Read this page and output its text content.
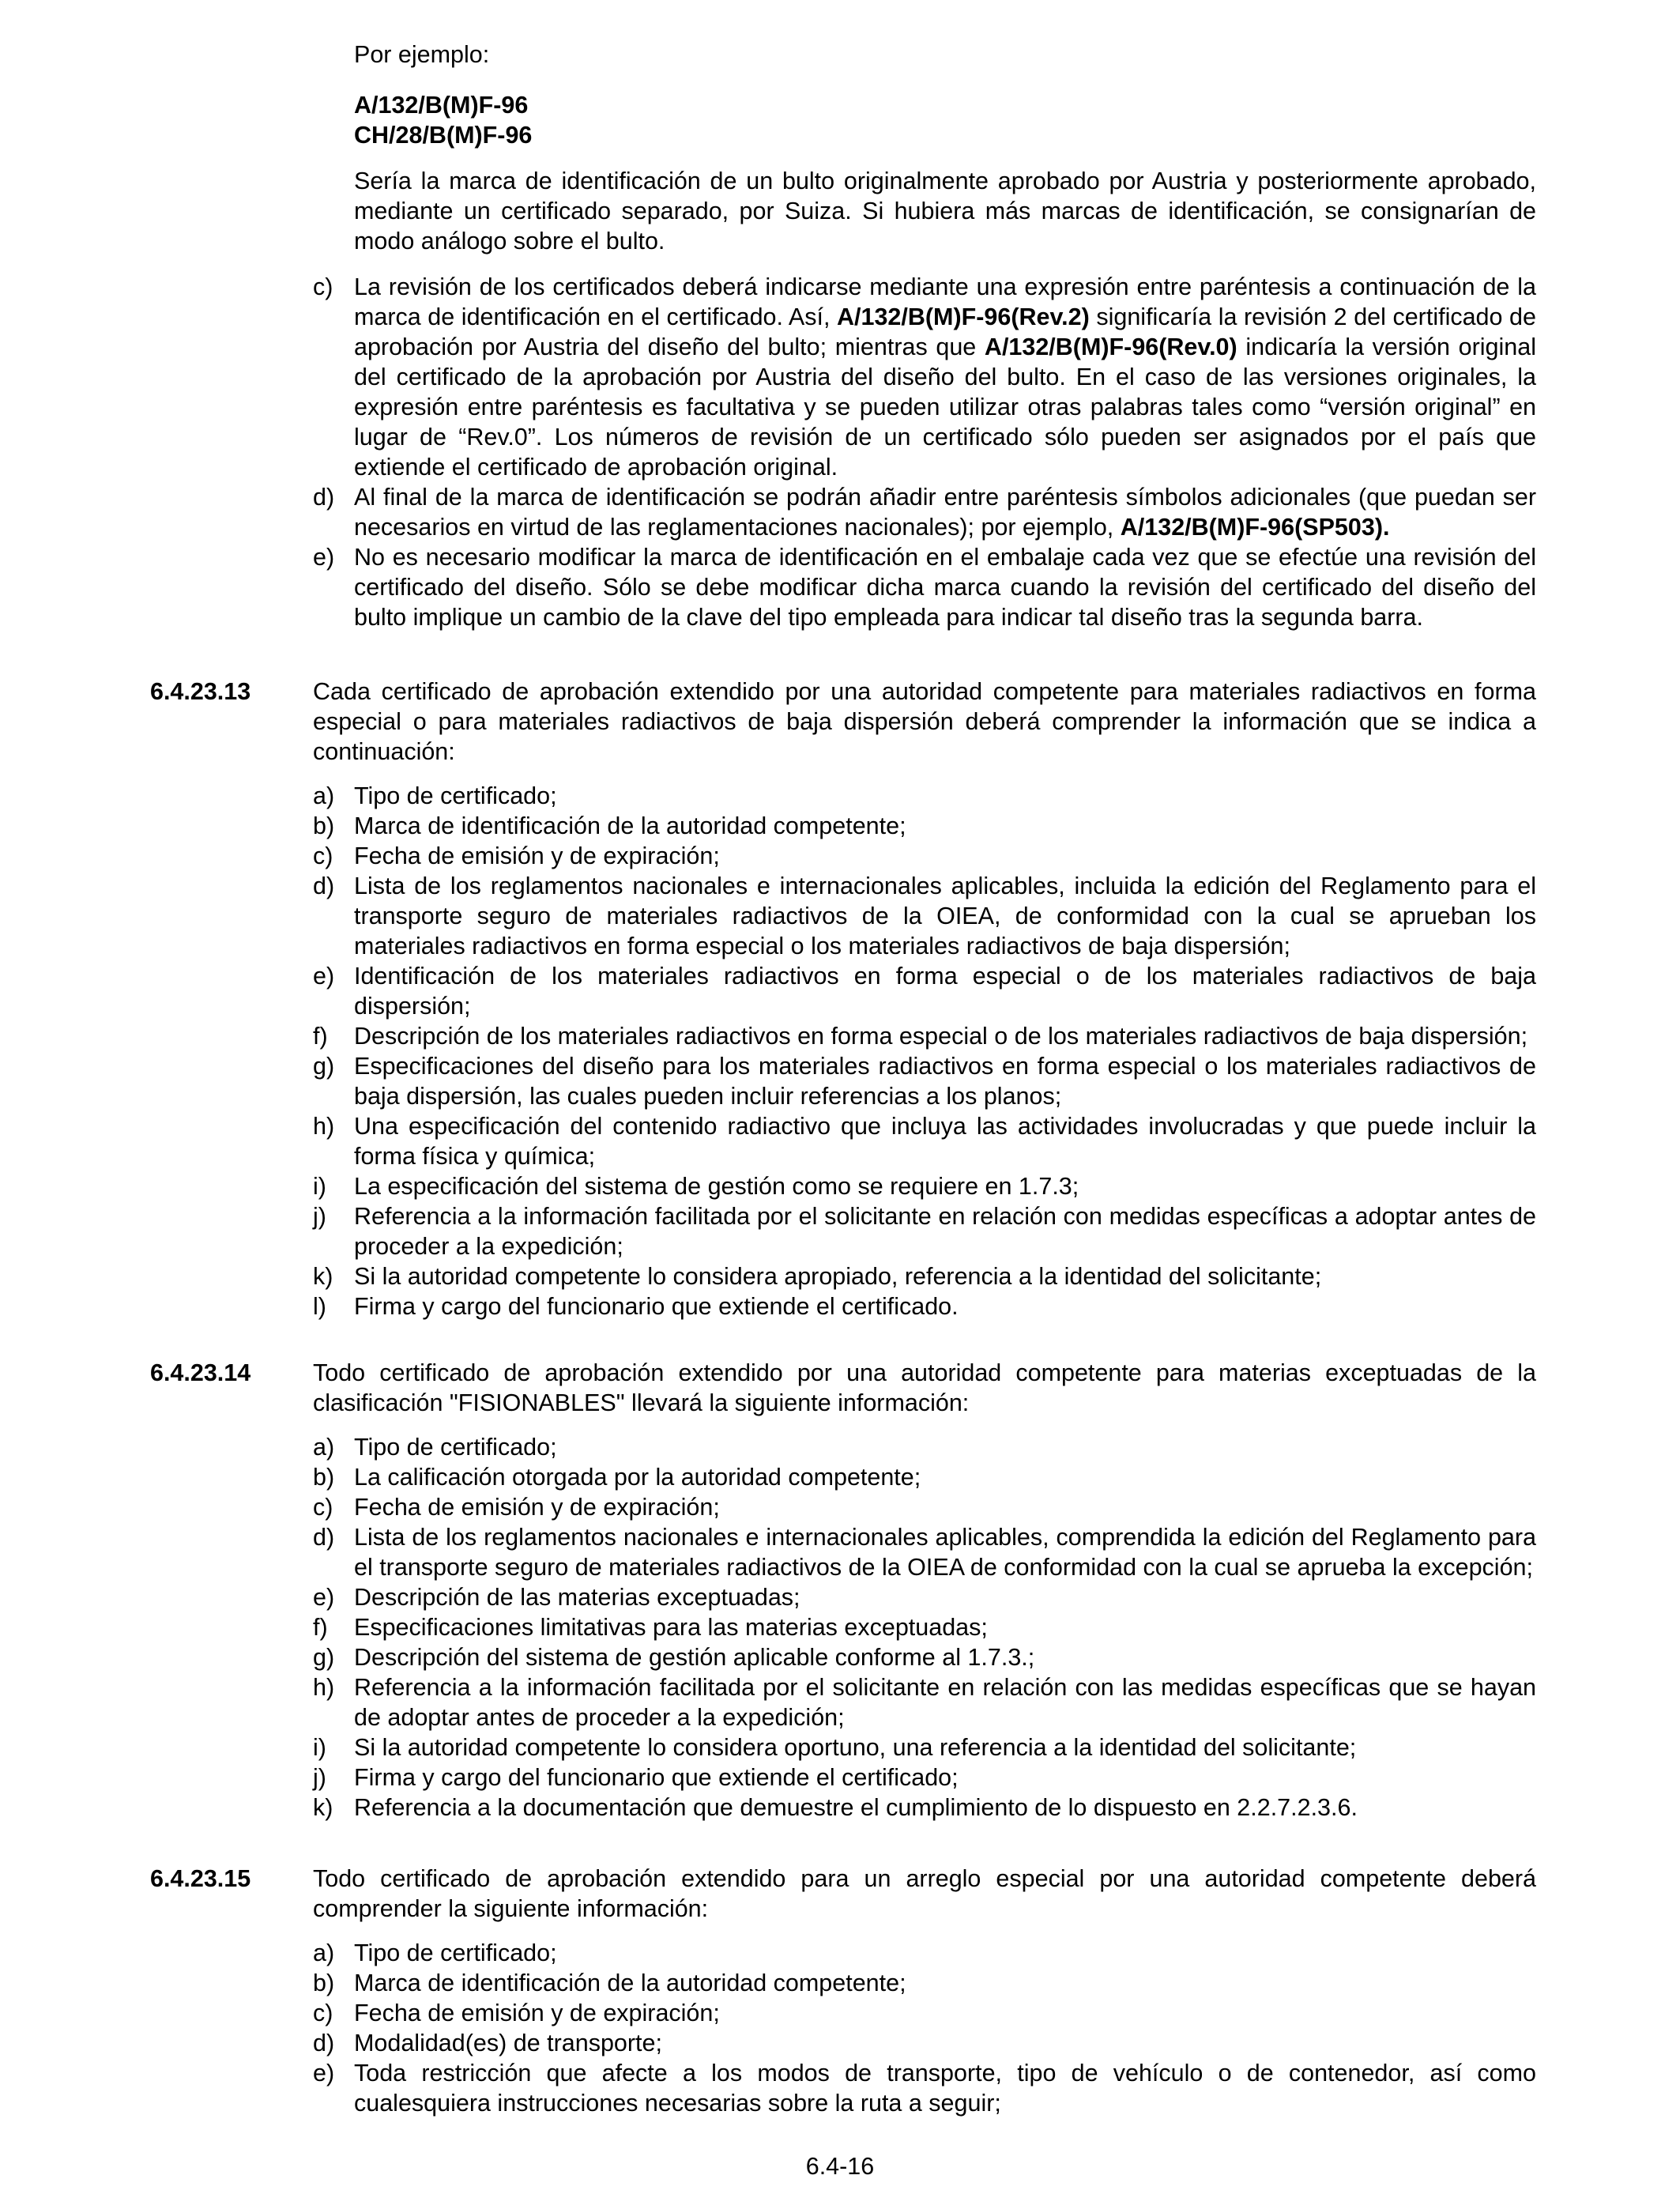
Por ejemplo:
A/132/B(M)F-96
CH/28/B(M)F-96
Sería la marca de identificación de un bulto originalmente aprobado por Austria y posteriormente aprobado, mediante un certificado separado, por Suiza. Si hubiera más marcas de identificación, se consignarían de modo análogo sobre el bulto.
c) La revisión de los certificados deberá indicarse mediante una expresión entre paréntesis a continuación de la marca de identificación en el certificado. Así, A/132/B(M)F-96(Rev.2) significaría la revisión 2 del certificado de aprobación por Austria del diseño del bulto; mientras que A/132/B(M)F-96(Rev.0) indicaría la versión original del certificado de la aprobación por Austria del diseño del bulto. En el caso de las versiones originales, la expresión entre paréntesis es facultativa y se pueden utilizar otras palabras tales como “versión original” en lugar de “Rev.0”. Los números de revisión de un certificado sólo pueden ser asignados por el país que extiende el certificado de aprobación original.
d) Al final de la marca de identificación se podrán añadir entre paréntesis símbolos adicionales (que puedan ser necesarios en virtud de las reglamentaciones nacionales); por ejemplo, A/132/B(M)F-96(SP503).
e) No es necesario modificar la marca de identificación en el embalaje cada vez que se efectúe una revisión del certificado del diseño. Sólo se debe modificar dicha marca cuando la revisión del certificado del diseño del bulto implique un cambio de la clave del tipo empleada para indicar tal diseño tras la segunda barra.
6.4.23.13	Cada certificado de aprobación extendido por una autoridad competente para materiales radiactivos en forma especial o para materiales radiactivos de baja dispersión deberá comprender la información que se indica a continuación:
a) Tipo de certificado;
b) Marca de identificación de la autoridad competente;
c) Fecha de emisión y de expiración;
d) Lista de los reglamentos nacionales e internacionales aplicables, incluida la edición del Reglamento para el transporte seguro de materiales radiactivos de la OIEA, de conformidad con la cual se aprueban los materiales radiactivos en forma especial o los materiales radiactivos de baja dispersión;
e) Identificación de los materiales radiactivos en forma especial o de los materiales radiactivos de baja dispersión;
f) Descripción de los materiales radiactivos en forma especial o de los materiales radiactivos de baja dispersión;
g) Especificaciones del diseño para los materiales radiactivos en forma especial o los materiales radiactivos de baja dispersión, las cuales pueden incluir referencias a los planos;
h) Una especificación del contenido radiactivo que incluya las actividades involucradas y que puede incluir la forma física y química;
i) La especificación del sistema de gestión como se requiere en 1.7.3;
j) Referencia a la información facilitada por el solicitante en relación con medidas específicas a adoptar antes de proceder a la expedición;
k) Si la autoridad competente lo considera apropiado, referencia a la identidad del solicitante;
l) Firma y cargo del funcionario que extiende el certificado.
6.4.23.14	Todo certificado de aprobación extendido por una autoridad competente para materias exceptuadas de la clasificación "FISIONABLES" llevará la siguiente información:
a) Tipo de certificado;
b) La calificación otorgada por la autoridad competente;
c) Fecha de emisión y de expiración;
d) Lista de los reglamentos nacionales e internacionales aplicables, comprendida la edición del Reglamento para el transporte seguro de materiales radiactivos de la OIEA de conformidad con la cual se aprueba la excepción;
e) Descripción de las materias exceptuadas;
f) Especificaciones limitativas para las materias exceptuadas;
g) Descripción del sistema de gestión aplicable conforme al 1.7.3.;
h) Referencia a la información facilitada por el solicitante en relación con las medidas específicas que se hayan de adoptar antes de proceder a la expedición;
i) Si la autoridad competente lo considera oportuno, una referencia a la identidad del solicitante;
j) Firma y cargo del funcionario que extiende el certificado;
k) Referencia a la documentación que demuestre el cumplimiento de lo dispuesto en 2.2.7.2.3.6.
6.4.23.15	Todo certificado de aprobación extendido para un arreglo especial por una autoridad competente deberá comprender la siguiente información:
a) Tipo de certificado;
b) Marca de identificación de la autoridad competente;
c) Fecha de emisión y de expiración;
d) Modalidad(es) de transporte;
e) Toda restricción que afecte a los modos de transporte, tipo de vehículo o de contenedor, así como cualesquiera instrucciones necesarias sobre la ruta a seguir;
6.4-16
